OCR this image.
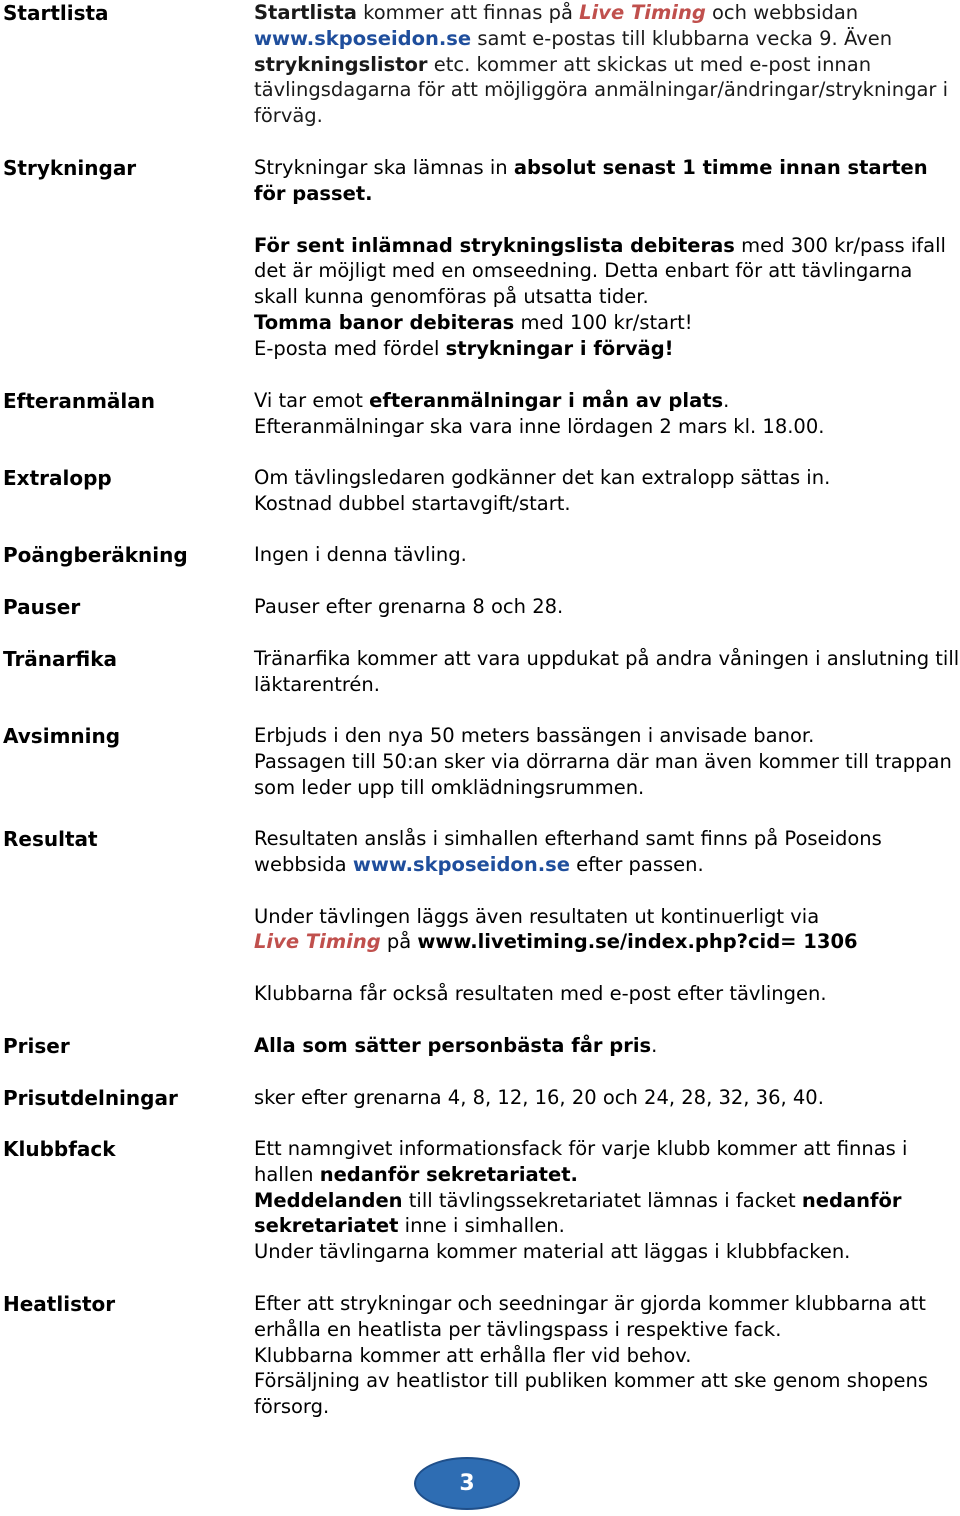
Startlista	Startlista kommer att finnas på Live Timing och webbsidan www.skposeidon.se samt e-postas till klubbarna vecka 9. Även strykningslistor etc. kommer att skickas ut med e-post innan tävlingsdagarna för att möjliggöra anmälningar/ändringar/strykningar i förväg.

Strykningar	Strykningar ska lämnas in absolut senast 1 timme innan starten för passet.

För sent inlämnad strykningslista debiteras med 300 kr/pass ifall det är möjligt med en omseedning. Detta enbart för att tävlingarna skall kunna genomföras på utsatta tider.
Tomma banor debiteras med 100 kr/start!
E-posta med fördel strykningar i förväg!

Efteranmälan	Vi tar emot efteranmälningar i mån av plats.
Efteranmälningar ska vara inne lördagen 2 mars kl. 18.00.

Extralopp	Om tävlingsledaren godkänner det kan extralopp sättas in.
Kostnad dubbel startavgift/start.

Poängberäkning	Ingen i denna tävling.

Pauser	Pauser efter grenarna 8 och 28.

Tränarfika	Tränarfika kommer att vara uppdukat på andra våningen i anslutning till läktarentrén.

Avsimning	Erbjuds i den nya 50 meters bassängen i anvisade banor.
Passagen till 50:an sker via dörrarna där man även kommer till trappan som leder upp till omklädningsrummen.

Resultat	Resultaten anslås i simhallen efterhand samt finns på Poseidons webbsida www.skposeidon.se efter passen.

Under tävlingen läggs även resultaten ut kontinuerligt via
Live Timing på www.livetiming.se/index.php?cid= 1306

Klubbarna får också resultaten med e-post efter tävlingen.

Priser	Alla som sätter personbästa får pris.

Prisutdelningar	sker efter grenarna 4, 8, 12, 16, 20 och 24, 28, 32, 36, 40.

Klubbfack	Ett namngivet informationsfack för varje klubb kommer att finnas i hallen nedanför sekretariatet.
Meddelanden till tävlingssekretariatet lämnas i facket nedanför sekretariatet inne i simhallen.
Under tävlingarna kommer material att läggas i klubbfacken.

Heatlistor	Efter att strykningar och seedningar är gjorda kommer klubbarna att erhålla en heatlista per tävlingspass i respektive fack.
Klubbarna kommer att erhålla fler vid behov.
Försäljning av heatlistor till publiken kommer att ske genom shopens försorg.

3
